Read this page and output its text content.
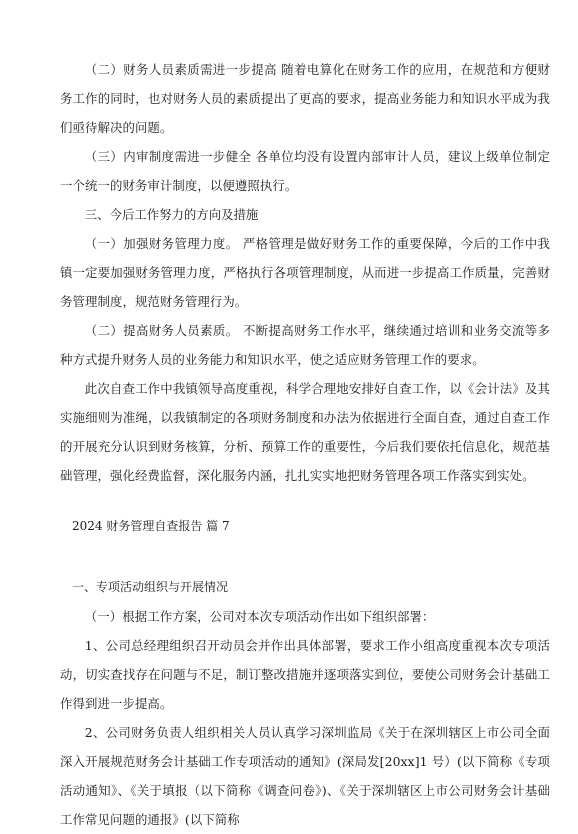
（二）财务人员素质需进一步提高 随着电算化在财务工作的应用，在规范和方便财务工作的同时，也对财务人员的素质提出了更高的要求，提高业务能力和知识水平成为我们亟待解决的问题。

（三）内审制度需进一步健全 各单位均没有设置内部审计人员，建议上级单位制定一个统一的财务审计制度，以便遵照执行。

三、今后工作努力的方向及措施

（一）加强财务管理力度。 严格管理是做好财务工作的重要保障，今后的工作中我镇一定要加强财务管理力度，严格执行各项管理制度，从而进一步提高工作质量，完善财务管理制度，规范财务管理行为。

（二）提高财务人员素质。 不断提高财务工作水平，继续通过培训和业务交流等多种方式提升财务人员的业务能力和知识水平，使之适应财务管理工作的要求。

此次自查工作中我镇领导高度重视，科学合理地安排好自查工作，以《会计法》及其实施细则为准绳，以我镇制定的各项财务制度和办法为依据进行全面自查，通过自查工作的开展充分认识到财务核算，分析、预算工作的重要性，今后我们要依托信息化，规范基础管理，强化经费监督，深化服务内涵，扎扎实实地把财务管理各项工作落实到实处。

2024 财务管理自查报告 篇 7

一、专项活动组织与开展情况

（一）根据工作方案，公司对本次专项活动作出如下组织部署：

1、公司总经理组织召开动员会并作出具体部署，要求工作小组高度重视本次专项活动，切实查找存在问题与不足，制订整改措施并逐项落实到位，要使公司财务会计基础工作得到进一步提高。

2、公司财务负责人组织相关人员认真学习深圳监局《关于在深圳辖区上市公司全面深入开展规范财务会计基础工作专项活动的通知》(深局发[20xx]1 号）(以下简称《专项活动通知》、《关于填报（以下简称《调查问卷》)、《关于深圳辖区上市公司财务会计基础工作常见问题的通报》(以下简称
